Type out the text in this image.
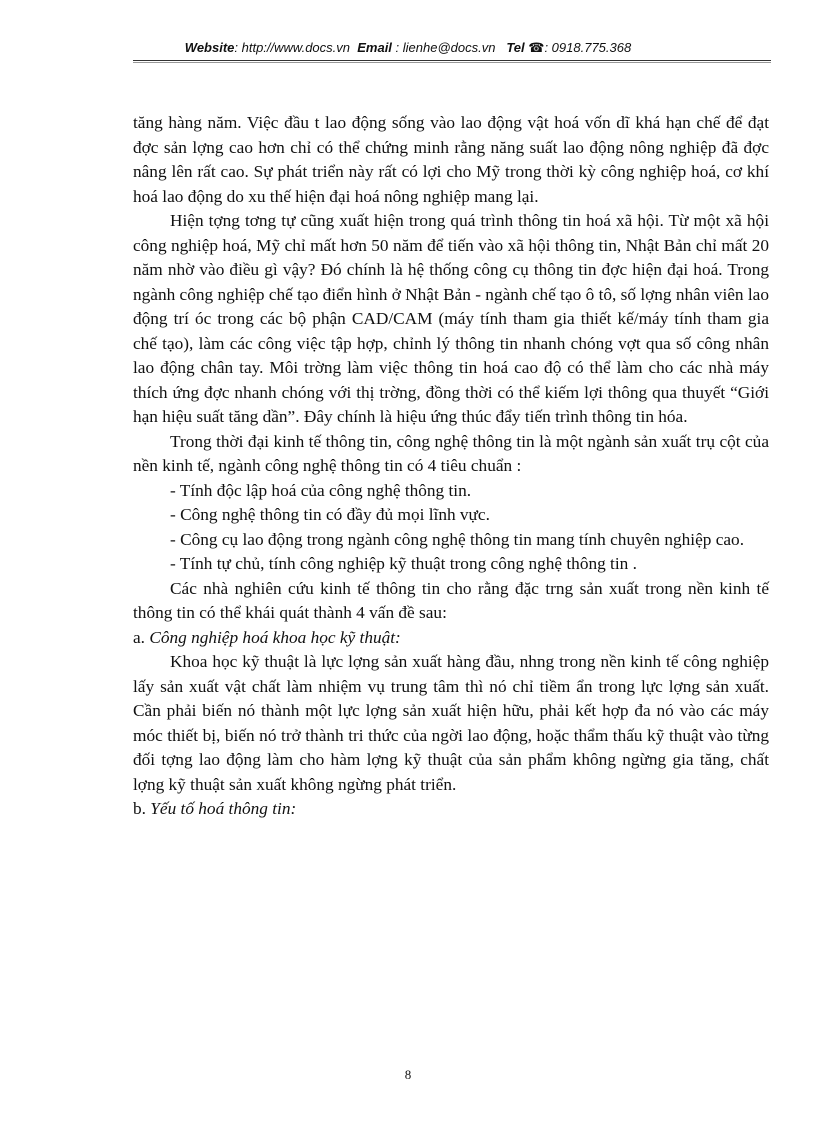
Website: http://www.docs.vn Email : lienhe@docs.vn Tel ☎: 0918.775.368

tăng hàng năm. Việc đầu t lao động sống vào lao động vật hoá vốn dĩ khá hạn chế để đạt đợc sản lợng cao hơn chỉ có thể chứng minh rằng năng suất lao động nông nghiệp đã đợc nâng lên rất cao. Sự phát triển này rất có lợi cho Mỹ trong thời kỳ công nghiệp hoá, cơ khí hoá lao động do xu thế hiện đại hoá nông nghiệp mang lại.

Hiện tợng tơng tự cũng xuất hiện trong quá trình thông tin hoá xã hội. Từ một xã hội công nghiệp hoá, Mỹ chỉ mất hơn 50 năm để tiến vào xã hội thông tin, Nhật Bản chỉ mất 20 năm nhờ vào điều gì vậy? Đó chính là hệ thống công cụ thông tin đợc hiện đại hoá. Trong ngành công nghiệp chế tạo điển hình ở Nhật Bản - ngành chế tạo ô tô, số lợng nhân viên lao động trí óc trong các bộ phận CAD/CAM (máy tính tham gia thiết kế/máy tính tham gia chế tạo), làm các công việc tập hợp, chỉnh lý thông tin nhanh chóng vợt qua số công nhân lao động chân tay. Môi trờng làm việc thông tin hoá cao độ có thể làm cho các nhà máy thích ứng đợc nhanh chóng với thị trờng, đồng thời có thể kiếm lợi thông qua thuyết “Giới hạn hiệu suất tăng dần”. Đây chính là hiệu ứng thúc đẩy tiến trình thông tin hóa.

Trong thời đại kinh tế thông tin, công nghệ thông tin là một ngành sản xuất trụ cột của nền kinh tế, ngành công nghệ thông tin có 4 tiêu chuẩn :

- Tính độc lập hoá của công nghệ thông tin.

- Công nghệ thông tin có đầy đủ mọi lĩnh vực.

- Công cụ lao động trong ngành công nghệ thông tin mang tính chuyên nghiệp cao.

- Tính tự chủ, tính công nghiệp kỹ thuật trong công nghệ thông tin .

Các nhà nghiên cứu kinh tế thông tin cho rằng đặc trng sản xuất trong nền kinh tế thông tin có thể khái quát thành 4 vấn đề sau:

a. Công nghiệp hoá khoa học kỹ thuật:

Khoa học kỹ thuật là lực lợng sản xuất hàng đầu, nhng trong nền kinh tế công nghiệp lấy sản xuất vật chất làm nhiệm vụ trung tâm thì nó chỉ tiềm ẩn trong lực lợng sản xuất. Cần phải biến nó thành một lực lợng sản xuất hiện hữu, phải kết hợp đa nó vào các máy móc thiết bị, biến nó trở thành tri thức của ngời lao động, hoặc thẩm thấu kỹ thuật vào từng đối tợng lao động làm cho hàm lợng kỹ thuật của sản phẩm không ngừng gia tăng, chất lợng kỹ thuật sản xuất không ngừng phát triển.

b. Yếu tố hoá thông tin:

8
